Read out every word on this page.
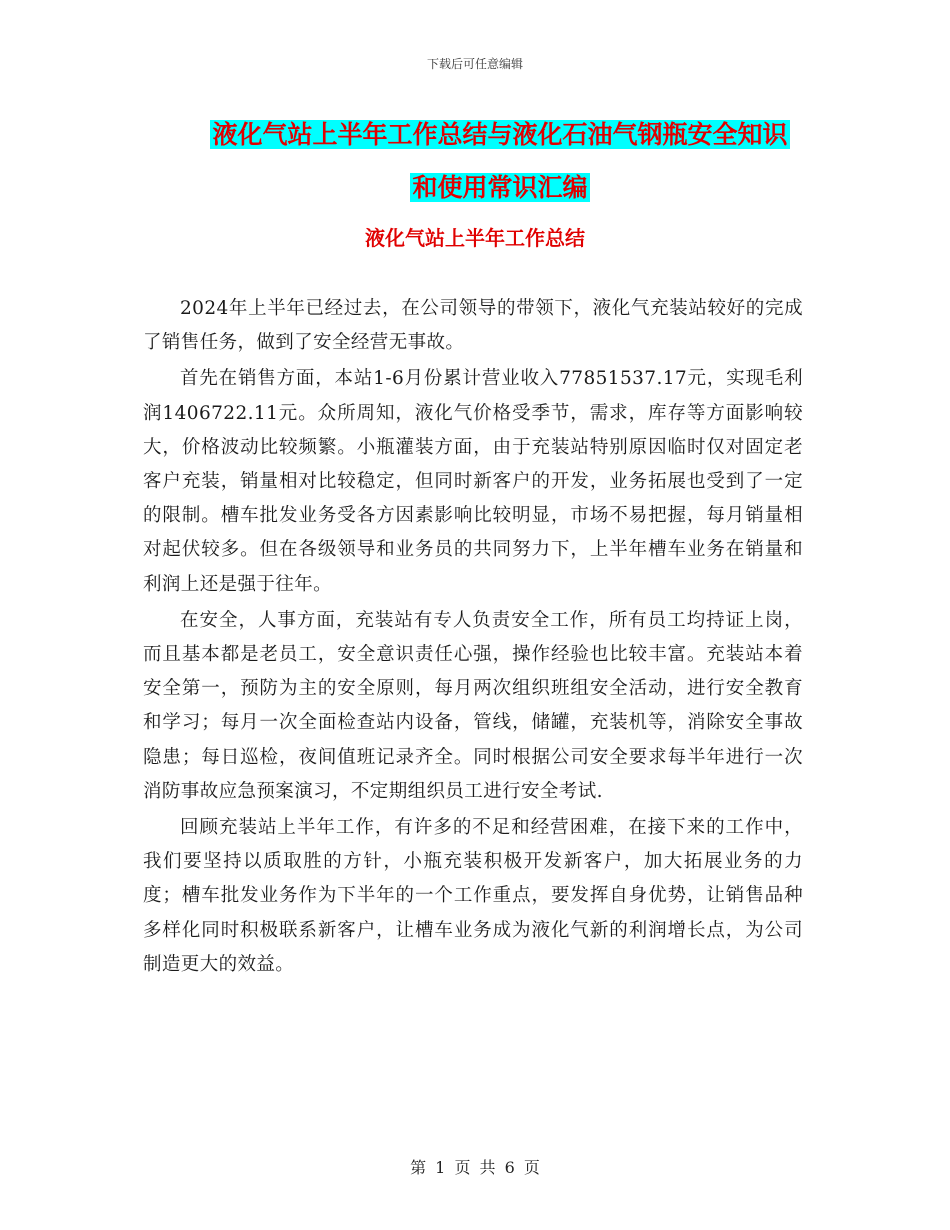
下载后可任意编辑
液化气站上半年工作总结与液化石油气钢瓶安全知识
和使用常识汇编
液化气站上半年工作总结

2024年上半年已经过去，在公司领导的带领下，液化气充装站较好的完成了销售任务，做到了安全经营无事故。

首先在销售方面，本站1-6月份累计营业收入77851537.17元，实现毛利润1406722.11元。众所周知，液化气价格受季节，需求，库存等方面影响较大，价格波动比较频繁。小瓶灌装方面，由于充装站特别原因临时仅对固定老客户充装，销量相对比较稳定，但同时新客户的开发，业务拓展也受到了一定的限制。槽车批发业务受各方因素影响比较明显，市场不易把握，每月销量相对起伏较多。但在各级领导和业务员的共同努力下，上半年槽车业务在销量和利润上还是强于往年。

在安全，人事方面，充装站有专人负责安全工作，所有员工均持证上岗，而且基本都是老员工，安全意识责任心强，操作经验也比较丰富。充装站本着安全第一，预防为主的安全原则，每月两次组织班组安全活动，进行安全教育和学习；每月一次全面检查站内设备，管线，储罐，充装机等，消除安全事故隐患；每日巡检，夜间值班记录齐全。同时根据公司安全要求每半年进行一次消防事故应急预案演习，不定期组织员工进行安全考试.

回顾充装站上半年工作，有许多的不足和经营困难，在接下来的工作中，我们要坚持以质取胜的方针，小瓶充装积极开发新客户，加大拓展业务的力度；槽车批发业务作为下半年的一个工作重点，要发挥自身优势，让销售品种多样化同时积极联系新客户，让槽车业务成为液化气新的利润增长点，为公司制造更大的效益。

第 1 页 共 6 页
